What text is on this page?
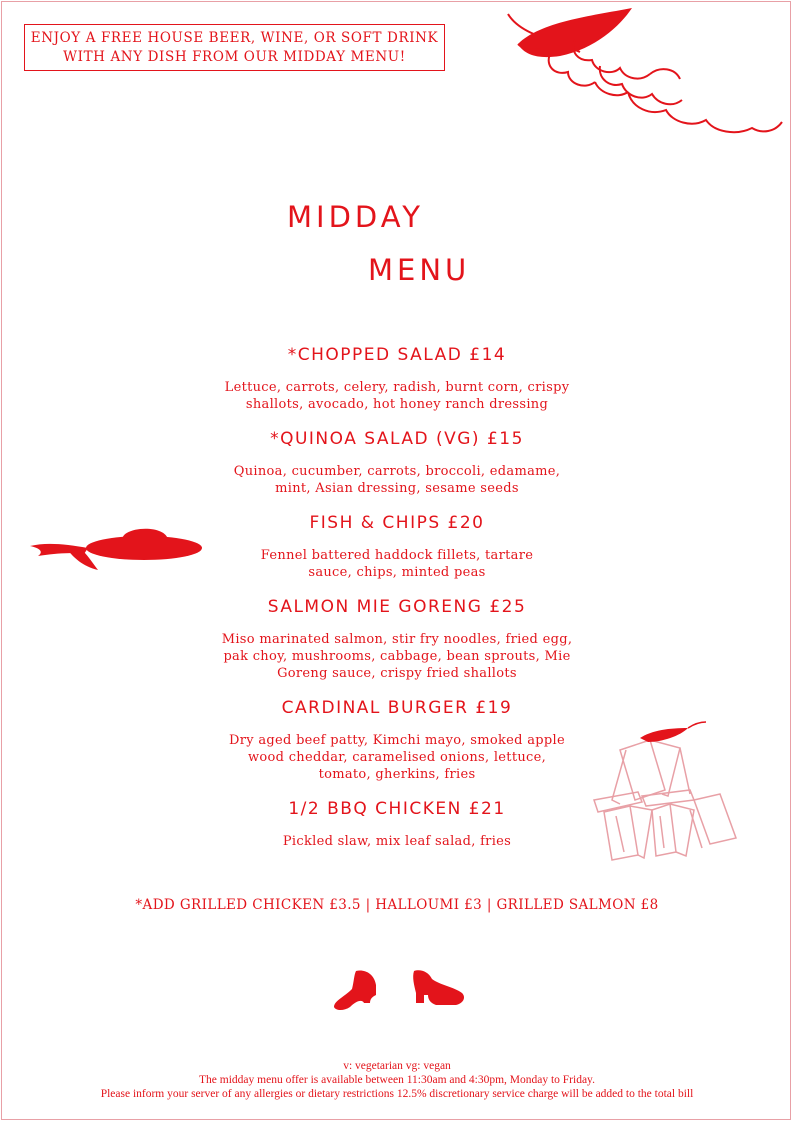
ENJOY A FREE HOUSE BEER, WINE, OR SOFT DRINK
WITH ANY DISH FROM OUR MIDDAY MENU!
MIDDAY
MENU
*CHOPPED SALAD £14
Lettuce, carrots, celery, radish, burnt corn, crispy
shallots, avocado, hot honey ranch dressing
*QUINOA SALAD (VG) £15
Quinoa, cucumber, carrots, broccoli, edamame,
mint, Asian dressing, sesame seeds
FISH & CHIPS £20
Fennel battered haddock fillets, tartare
sauce, chips, minted peas
SALMON MIE GORENG £25
Miso marinated salmon, stir fry noodles, fried egg,
pak choy, mushrooms, cabbage, bean sprouts, Mie
Goreng sauce, crispy fried shallots
CARDINAL BURGER £19
Dry aged beef patty, Kimchi mayo, smoked apple
wood cheddar, caramelised onions, lettuce,
tomato, gherkins, fries
1/2 BBQ CHICKEN £21
Pickled slaw, mix leaf salad, fries
*ADD GRILLED CHICKEN £3.5 | HALLOUMI £3 | GRILLED SALMON £8
v: vegetarian vg: vegan
The midday menu offer is available between 11:30am and 4:30pm, Monday to Friday.
Please inform your server of any allergies or dietary restrictions 12.5% discretionary service charge will be added to the total bill
